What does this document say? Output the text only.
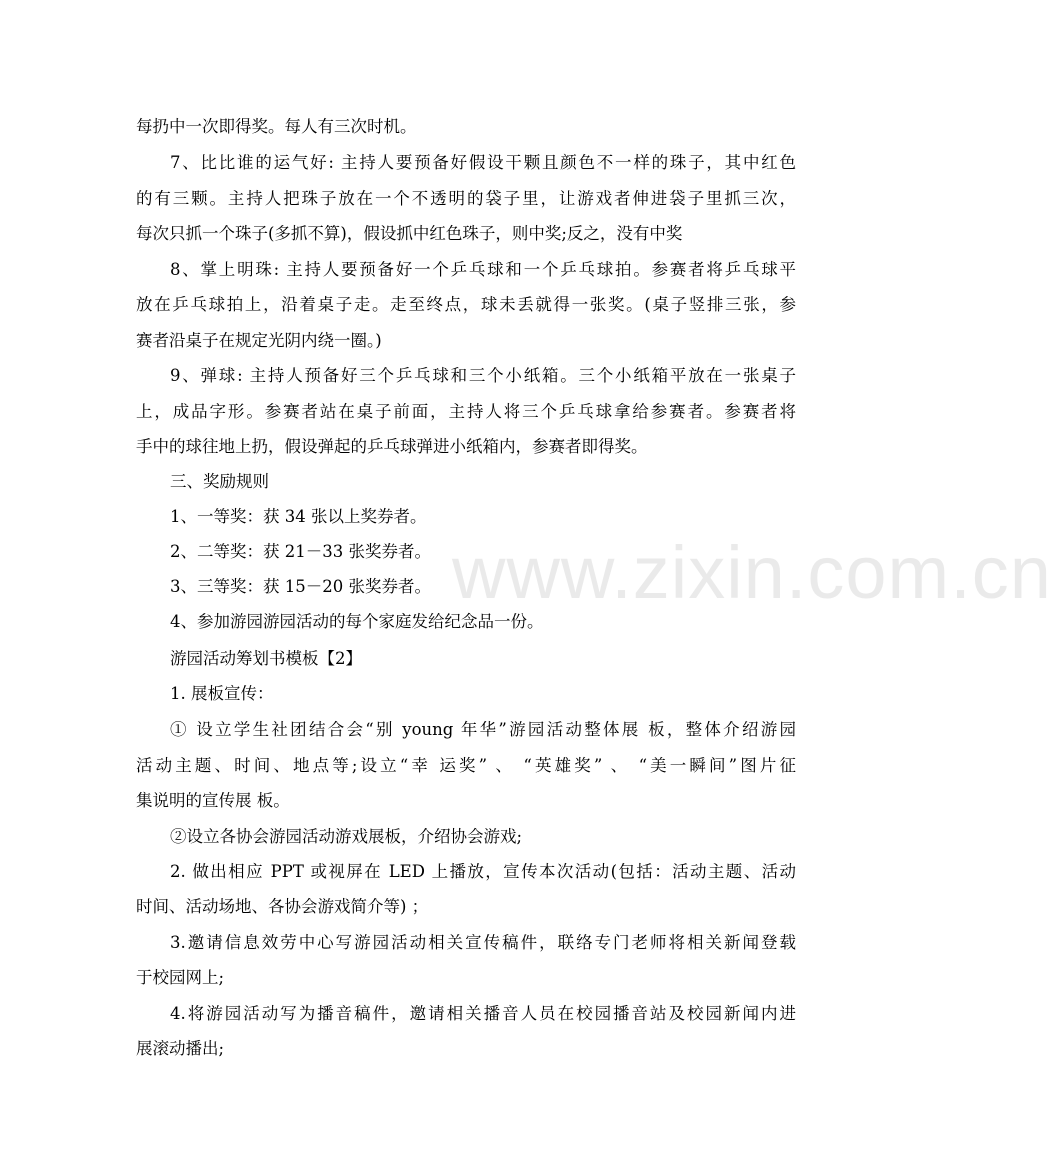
www.zixin.com.cn
每扔中一次即得奖。每人有三次时机。
7、比比谁的运气好: 主持人要预备好假设干颗且颜色不一样的珠子，其中红色
的有三颗。主持人把珠子放在一个不透明的袋子里，让游戏者伸进袋子里抓三次，
每次只抓一个珠子(多抓不算)，假设抓中红色珠子，则中奖;反之，没有中奖
8、掌上明珠: 主持人要预备好一个乒乓球和一个乒乓球拍。参赛者将乒乓球平
放在乒乓球拍上，沿着桌子走。走至终点，球未丢就得一张奖。(桌子竖排三张，参
赛者沿桌子在规定光阴内绕一圈。)
9、弹球: 主持人预备好三个乒乓球和三个小纸箱。三个小纸箱平放在一张桌子
上，成品字形。参赛者站在桌子前面，主持人将三个乒乓球拿给参赛者。参赛者将
手中的球往地上扔，假设弹起的乒乓球弹进小纸箱内，参赛者即得奖。
三、奖励规则
1、一等奖：获 34 张以上奖券者。
2、二等奖：获 21－33 张奖券者。
3、三等奖：获 15－20 张奖券者。
4、参加游园游园活动的每个家庭发给纪念品一份。
游园活动筹划书模板【2】
1. 展板宣传：
① 设立学生社团结合会“别 young 年华”游园活动整体展 板，整体介绍游园
活动主题、时间、地点等;设立“幸 运奖” 、 “英雄奖” 、 “美一瞬间”图片征
集说明的宣传展 板。
②设立各协会游园活动游戏展板，介绍协会游戏;
2. 做出相应 PPT 或视屏在 LED 上播放，宣传本次活动(包括：活动主题、活动
时间、活动场地、各协会游戏简介等) ；
3.邀请信息效劳中心写游园活动相关宣传稿件，联络专门老师将相关新闻登载
于校园网上;
4.将游园活动写为播音稿件，邀请相关播音人员在校园播音站及校园新闻内进
展滚动播出;
